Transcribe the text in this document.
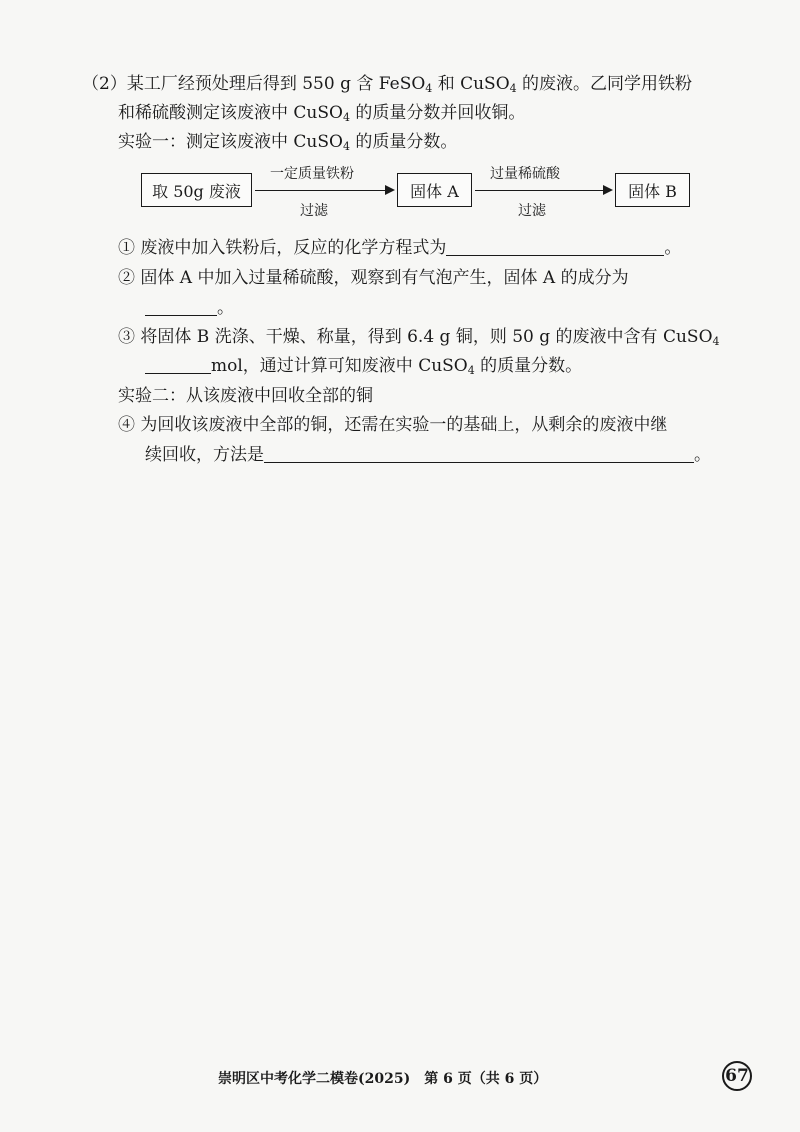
（2）某工厂经预处理后得到 550 g 含 FeSO$_4$ 和 CuSO$_4$ 的废液。乙同学用铁粉
和稀硫酸测定该废液中 CuSO$_4$ 的质量分数并回收铜。
实验一：测定该废液中 CuSO$_4$ 的质量分数。
取 50g 废液
一定质量铁粉
过滤
固体 A
过量稀硫酸
过滤
固体 B
① 废液中加入铁粉后，反应的化学方程式为	。
② 固体 A 中加入过量稀硫酸，观察到有气泡产生，固体 A 的成分为
。
③ 将固体 B 洗涤、干燥、称量，得到 6.4 g 铜，则 50 g 的废液中含有 CuSO$_4$
mol，通过计算可知废液中 CuSO$_4$ 的质量分数。
实验二：从该废液中回收全部的铜
④ 为回收该废液中全部的铜，还需在实验一的基础上，从剩余的废液中继
续回收，方法是	。
崇明区中考化学二模卷(2025)　第 6 页（共 6 页）	67
